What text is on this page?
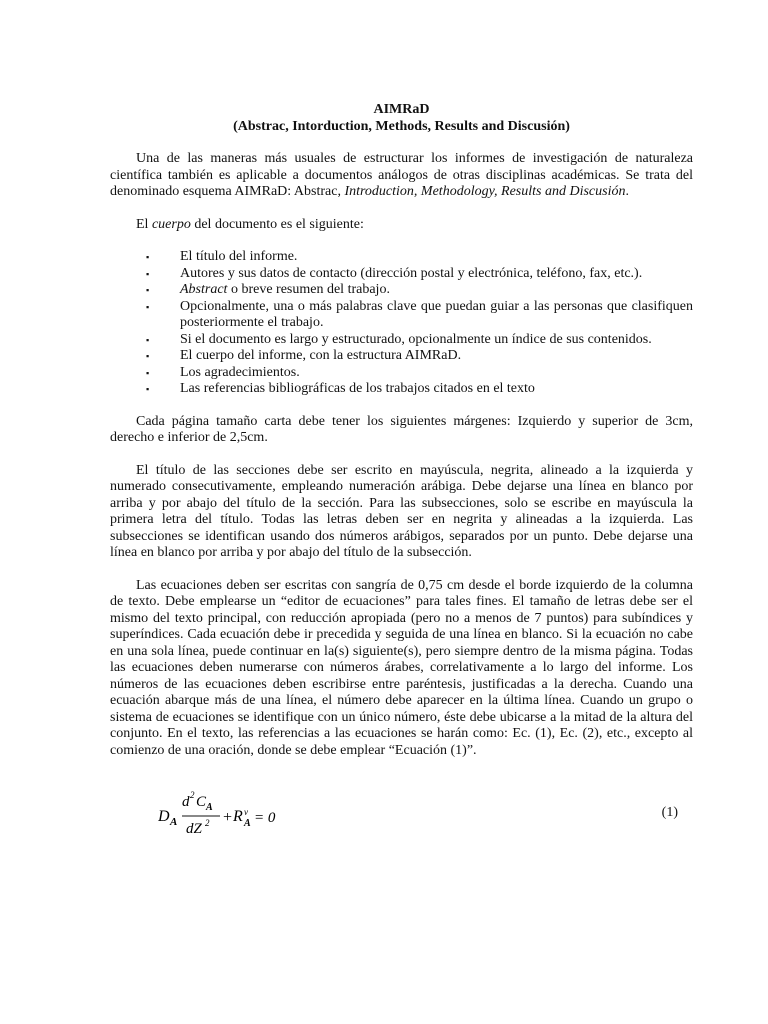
AIMRaD
(Abstrac, Intorduction, Methods, Results and Discusión)

Una de las maneras más usuales de estructurar los informes de investigación de naturaleza científica también es aplicable a documentos análogos de otras disciplinas académicas. Se trata del denominado esquema AIMRaD: Abstrac, Introduction, Methodology, Results and Discusión.

El cuerpo del documento es el siguiente:

▪ El título del informe.
▪ Autores y sus datos de contacto (dirección postal y electrónica, teléfono, fax, etc.).
▪ Abstract o breve resumen del trabajo.
▪ Opcionalmente, una o más palabras clave que puedan guiar a las personas que clasifiquen posteriormente el trabajo.
▪ Si el documento es largo y estructurado, opcionalmente un índice de sus contenidos.
▪ El cuerpo del informe, con la estructura AIMRaD.
▪ Los agradecimientos.
▪ Las referencias bibliográficas de los trabajos citados en el texto

Cada página tamaño carta debe tener los siguientes márgenes: Izquierdo y superior de 3cm, derecho e inferior de 2,5cm.

El título de las secciones debe ser escrito en mayúscula, negrita, alineado a la izquierda y numerado consecutivamente, empleando numeración arábiga. Debe dejarse una línea en blanco por arriba y por abajo del título de la sección. Para las subsecciones, solo se escribe en mayúscula la primera letra del título. Todas las letras deben ser en negrita y alineadas a la izquierda. Las subsecciones se identifican usando dos números arábigos, separados por un punto. Debe dejarse una línea en blanco por arriba y por abajo del título de la subsección.

Las ecuaciones deben ser escritas con sangría de 0,75 cm desde el borde izquierdo de la columna de texto. Debe emplearse un “editor de ecuaciones” para tales fines. El tamaño de letras debe ser el mismo del texto principal, con reducción apropiada (pero no a menos de 7 puntos) para subíndices y superíndices. Cada ecuación debe ir precedida y seguida de una línea en blanco. Si la ecuación no cabe en una sola línea, puede continuar en la(s) siguiente(s), pero siempre dentro de la misma página. Todas las ecuaciones deben numerarse con números árabes, correlativamente a lo largo del informe. Los números de las ecuaciones deben escribirse entre paréntesis, justificadas a la derecha. Cuando una ecuación abarque más de una línea, el número debe aparecer en la última línea. Cuando un grupo o sistema de ecuaciones se identifique con un único número, éste debe ubicarse a la mitad de la altura del conjunto. En el texto, las referencias a las ecuaciones se harán como: Ec. (1), Ec. (2), etc., excepto al comienzo de una oración, donde se debe emplear “Ecuación (1)”.

D A
d 2 C A
dZ 2 + R v
A = 0	(1)
